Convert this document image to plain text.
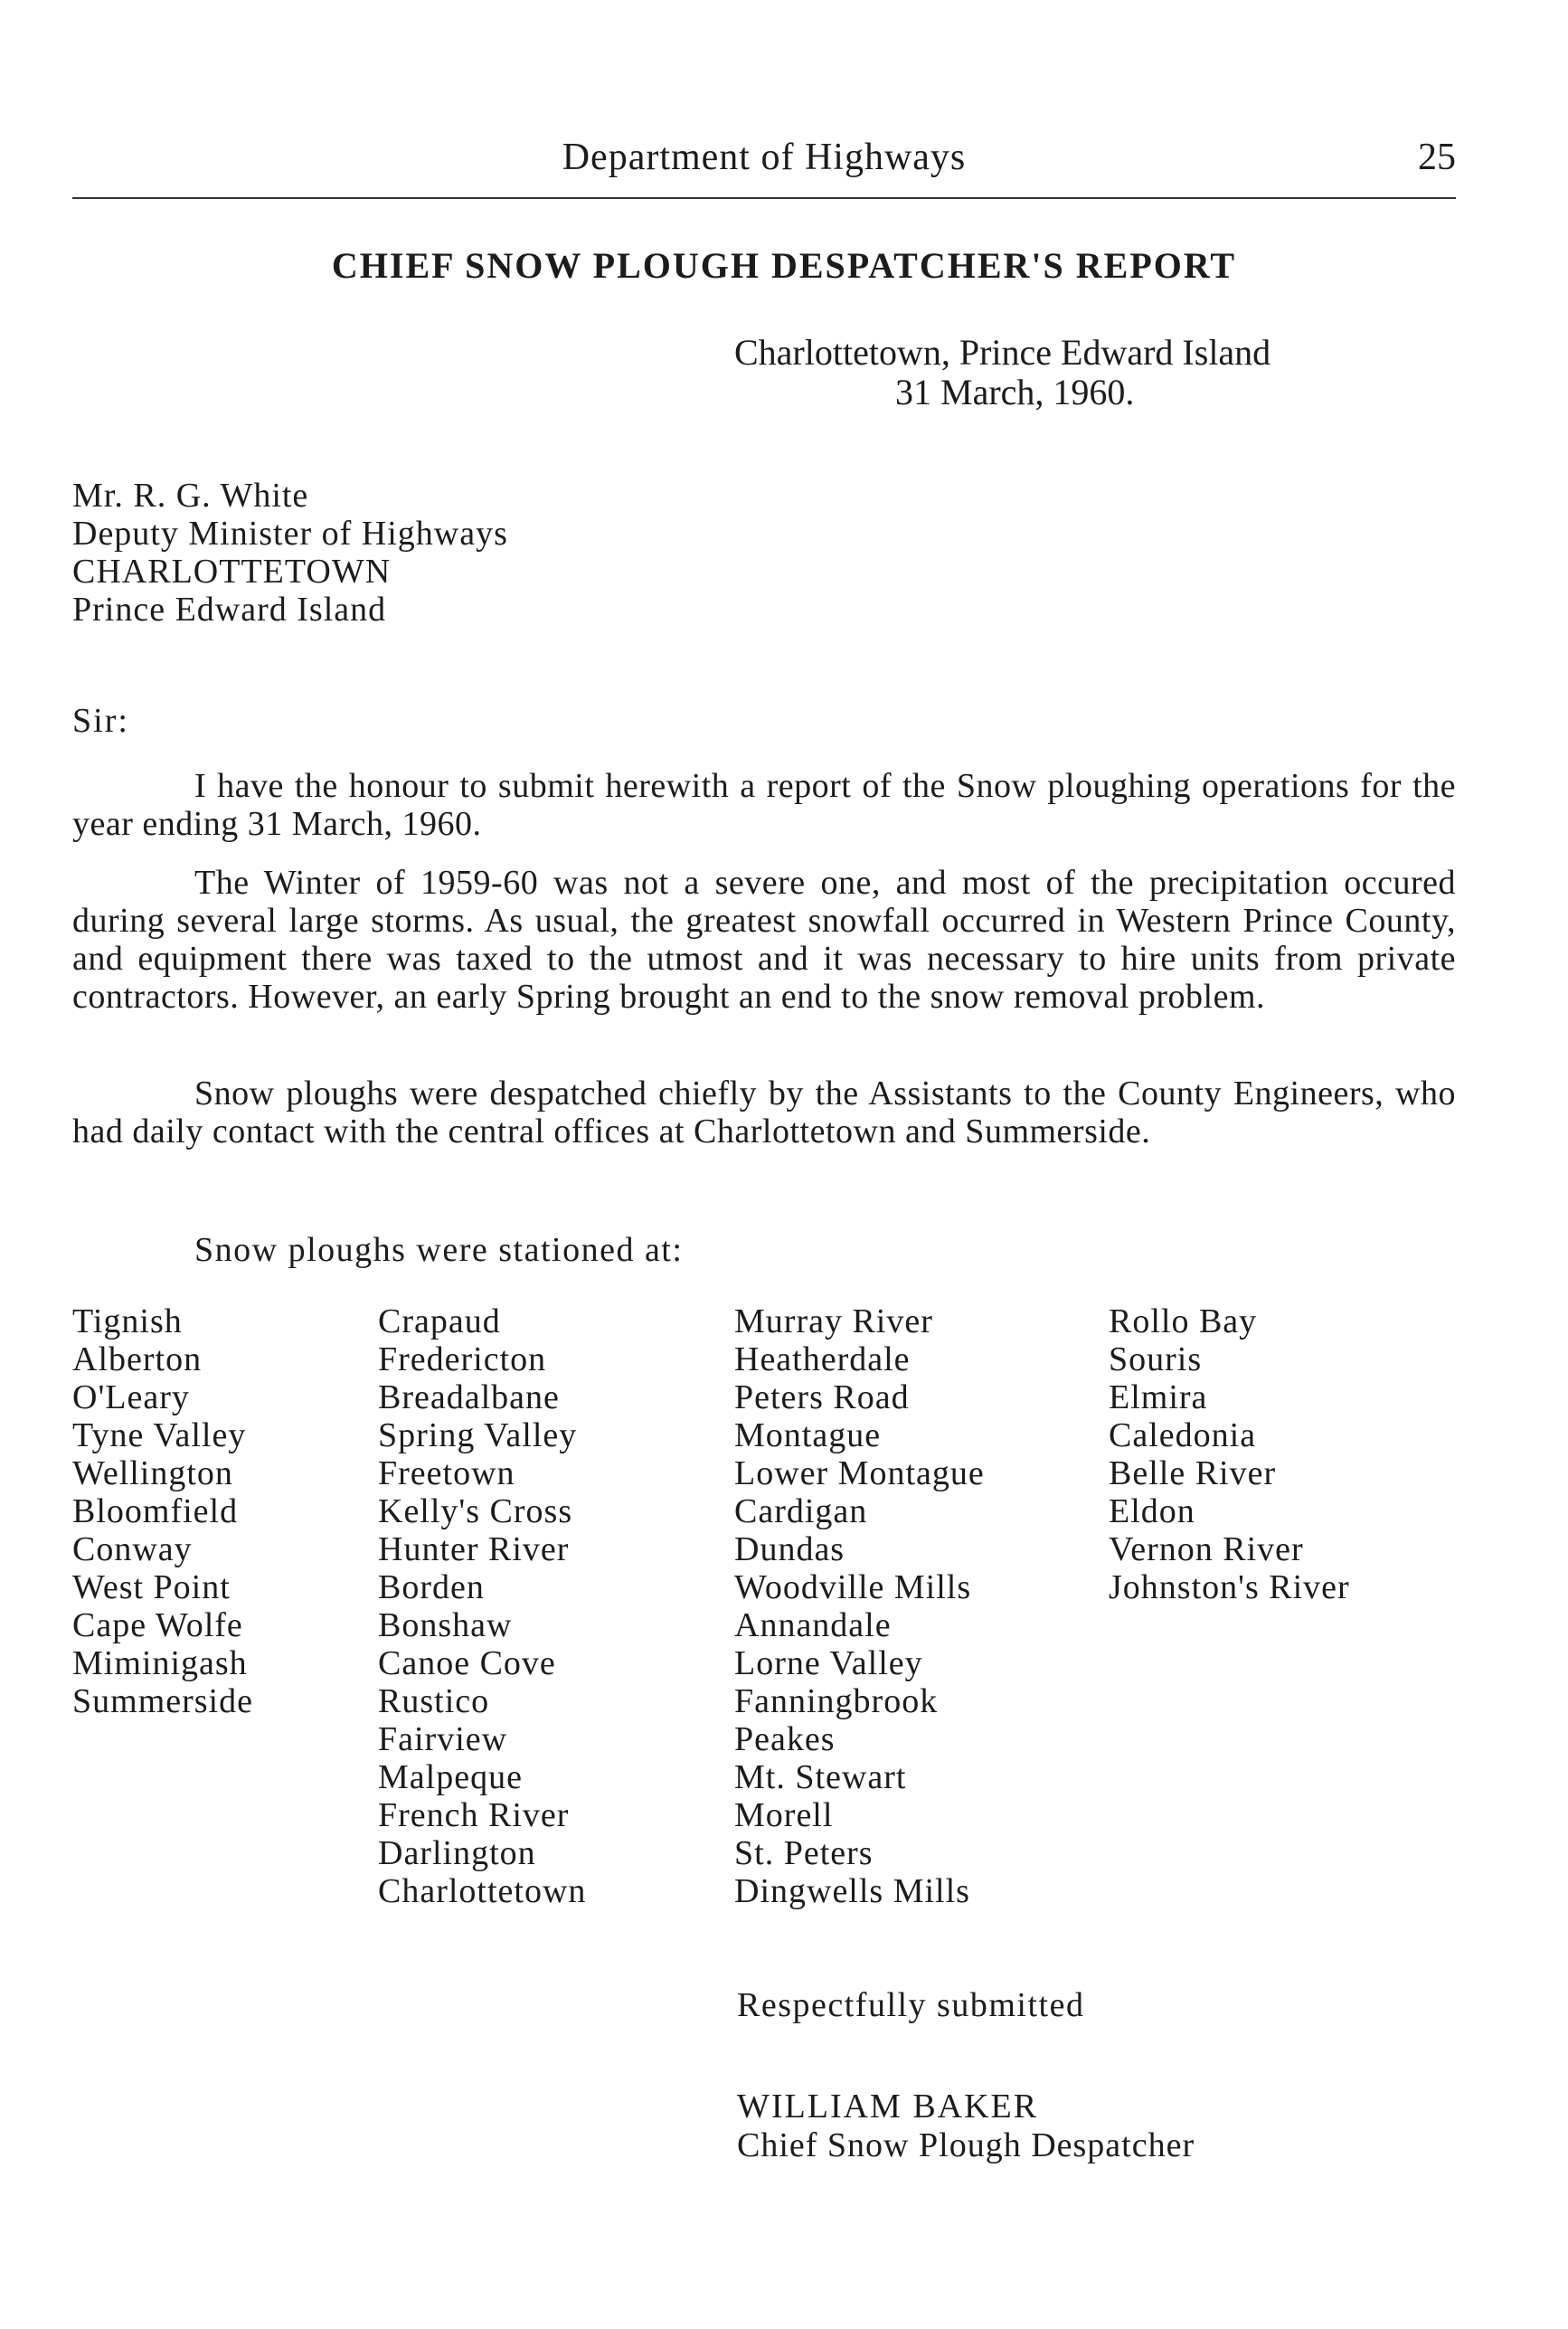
Department of Highways	25
CHIEF SNOW PLOUGH DESPATCHER'S REPORT
Charlottetown, Prince Edward Island
31 March, 1960.
Mr. R. G. White
Deputy Minister of Highways
CHARLOTTETOWN
Prince Edward Island
Sir:

I have the honour to submit herewith a report of the Snow ploughing operations for the year ending 31 March, 1960.

The Winter of 1959-60 was not a severe one, and most of the precipitation occured during several large storms. As usual, the greatest snowfall occurred in Western Prince County, and equipment there was taxed to the utmost and it was necessary to hire units from private contractors. However, an early Spring brought an end to the snow removal problem.

Snow ploughs were despatched chiefly by the Assistants to the County Engineers, who had daily contact with the central offices at Charlottetown and Summerside.

Snow ploughs were stationed at:
Tignish
Alberton
O'Leary
Tyne Valley
Wellington
Bloomfield
Conway
West Point
Cape Wolfe
Miminigash
Summerside
Crapaud
Fredericton
Breadalbane
Spring Valley
Freetown
Kelly's Cross
Hunter River
Borden
Bonshaw
Canoe Cove
Rustico
Fairview
Malpeque
French River
Darlington
Charlottetown
Murray River
Heatherdale
Peters Road
Montague
Lower Montague
Cardigan
Dundas
Woodville Mills
Annandale
Lorne Valley
Fanningbrook
Peakes
Mt. Stewart
Morell
St. Peters
Dingwells Mills
Rollo Bay
Souris
Elmira
Caledonia
Belle River
Eldon
Vernon River
Johnston's River
Respectfully submitted
WILLIAM BAKER
Chief Snow Plough Despatcher
